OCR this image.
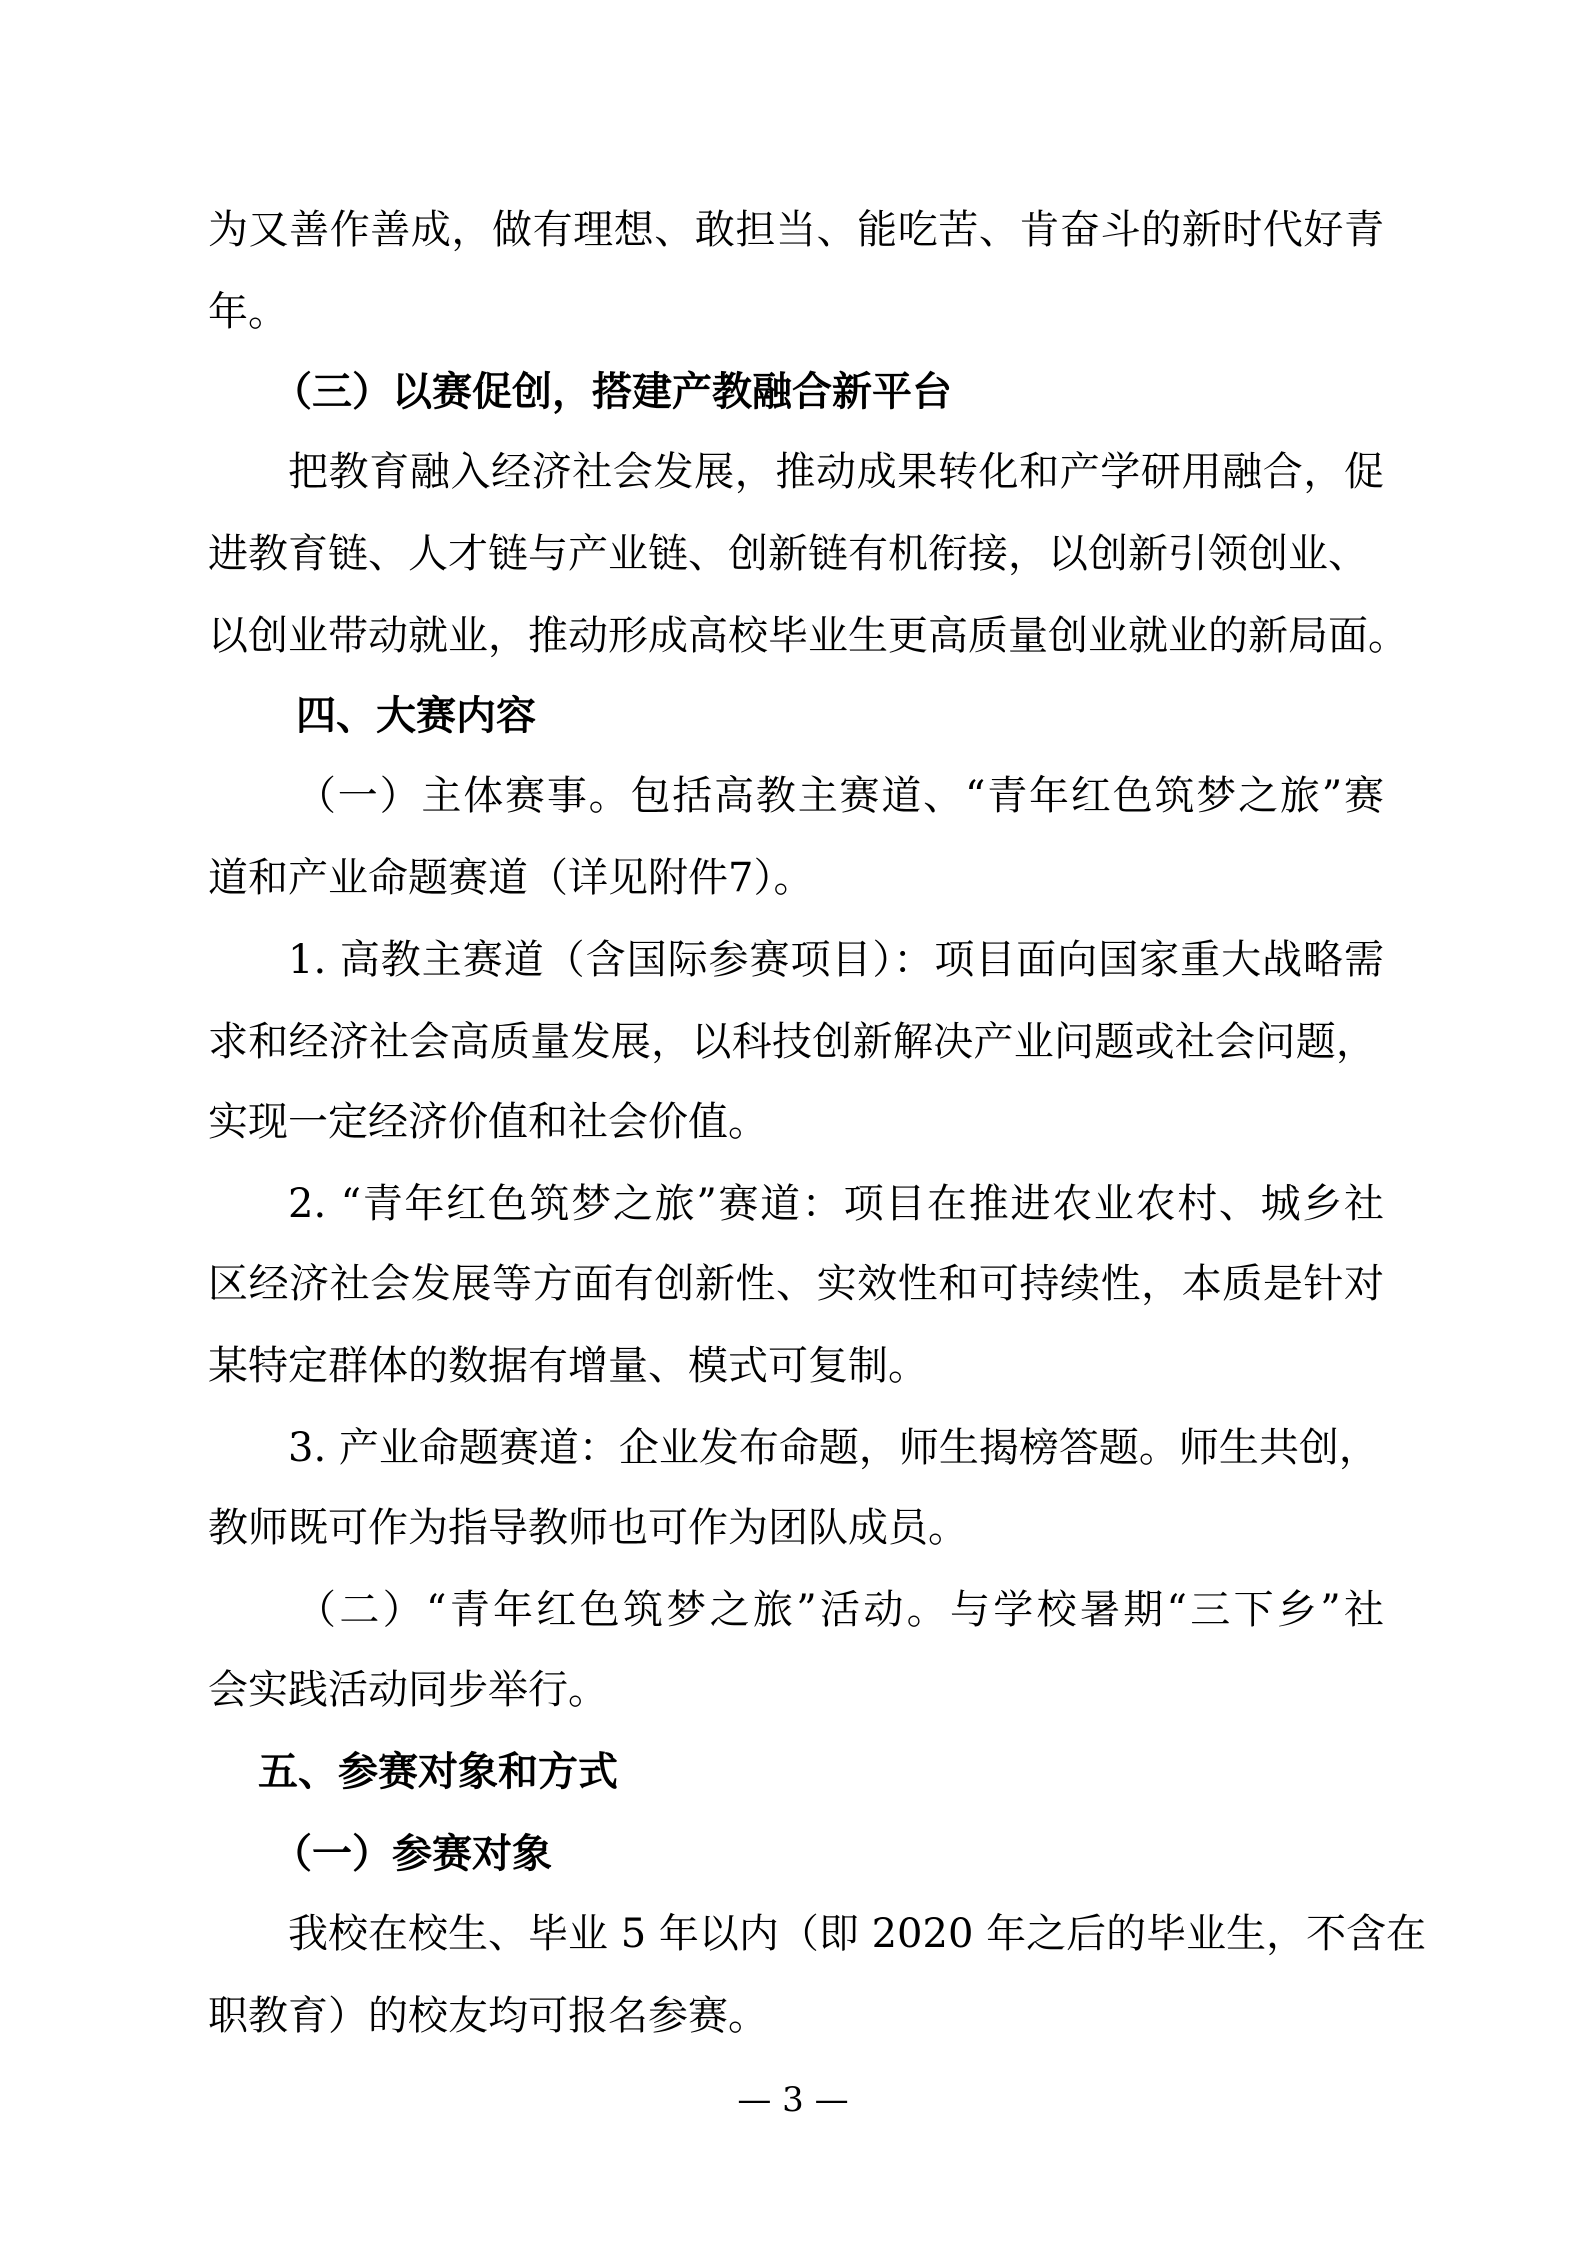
为又善作善成，做有理想、敢担当、能吃苦、肯奋斗的新时代好青
年。
（三）以赛促创，搭建产教融合新平台
把教育融入经济社会发展，推动成果转化和产学研用融合，促
进教育链、人才链与产业链、创新链有机衔接，以创新引领创业、
以创业带动就业，推动形成高校毕业生更高质量创业就业的新局面。
四、大赛内容
（一）主体赛事。包括高教主赛道、“青年红色筑梦之旅”赛
道和产业命题赛道（详见附件7）。
1. 高教主赛道（含国际参赛项目）：项目面向国家重大战略需
求和经济社会高质量发展，以科技创新解决产业问题或社会问题，
实现一定经济价值和社会价值。
2. “青年红色筑梦之旅”赛道：项目在推进农业农村、城乡社
区经济社会发展等方面有创新性、实效性和可持续性，本质是针对
某特定群体的数据有增量、模式可复制。
3. 产业命题赛道：企业发布命题，师生揭榜答题。师生共创，
教师既可作为指导教师也可作为团队成员。
（二）“青年红色筑梦之旅”活动。与学校暑期“三下乡”社
会实践活动同步举行。
五、参赛对象和方式
（一）参赛对象
我校在校生、毕业 5 年以内（即 2020 年之后的毕业生，不含在
职教育）的校友均可报名参赛。
— 3 —
